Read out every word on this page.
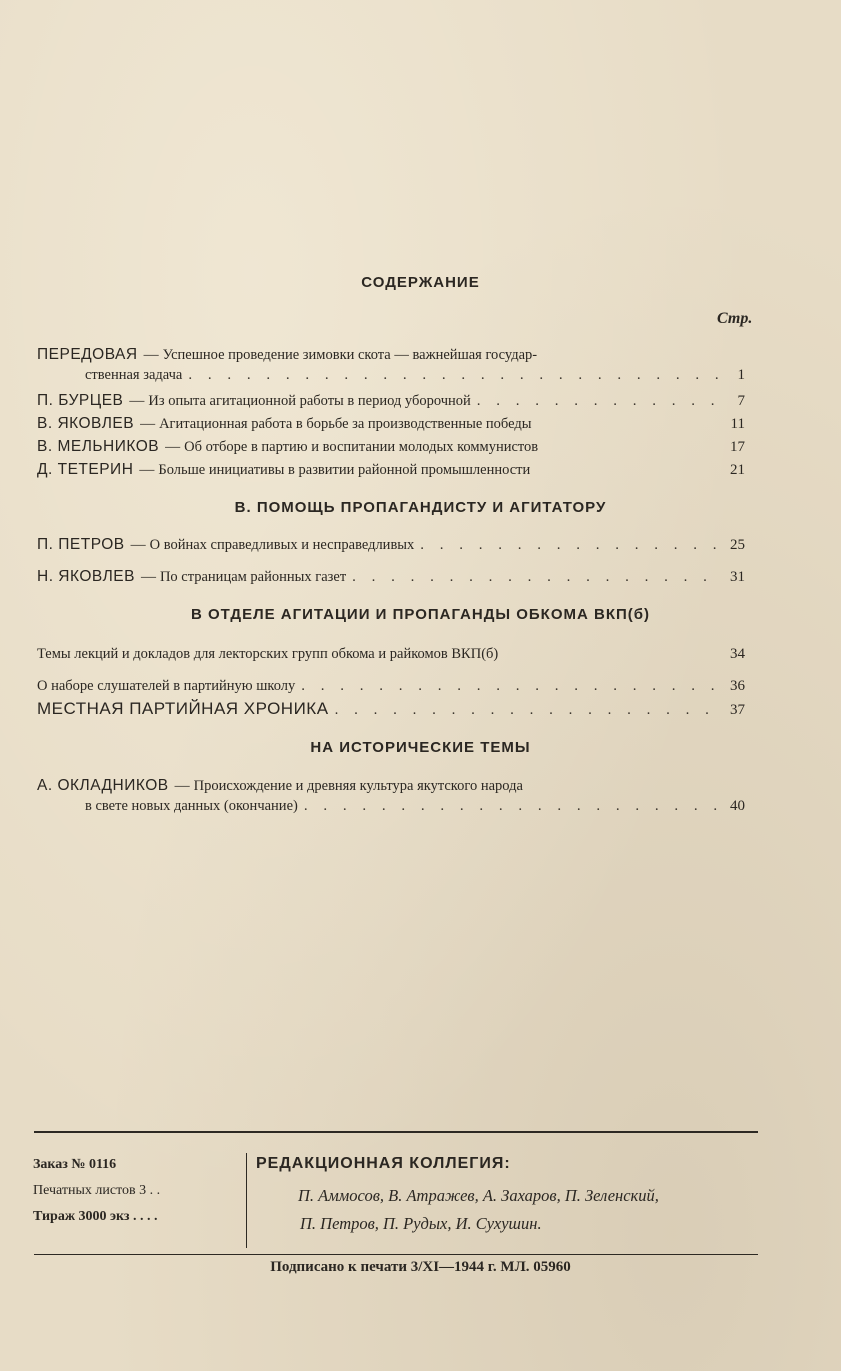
СОДЕРЖАНИЕ
Стр.
ПЕРЕДОВАЯ — Успешное проведение зимовки скота — важнейшая государ-
ственная задача . . .	1
П. БУРЦЕВ — Из опыта агитационной работы в период уборочной . . .	7
В. ЯКОВЛЕВ — Агитационная работа в борьбе за производственные победы	11
В. МЕЛЬНИКОВ — Об отборе в партию и воспитании молодых коммунистов	17
Д. ТЕТЕРИН — Больше инициативы в развитии районной промышленности	21
В. ПОМОЩЬ ПРОПАГАНДИСТУ И АГИТАТОРУ
П. ПЕТРОВ — О войнах справедливых и несправедливых . . .	25
Н. ЯКОВЛЕВ — По страницам районных газет . . .	31
В ОТДЕЛЕ АГИТАЦИИ И ПРОПАГАНДЫ ОБКОМА ВКП(б)
Темы лекций и докладов для лекторских групп обкома и райкомов ВКП(б)	34
О наборе слушателей в партийную школу . . .	36
МЕСТНАЯ ПАРТИЙНАЯ ХРОНИКА . . .	37
НА ИСТОРИЧЕСКИЕ ТЕМЫ
А. ОКЛАДНИКОВ — Происхождение и древняя культура якутского народа
в свете новых данных (окончание) . . .	40
Заказ № 0116
Печатных листов 3 . .
Тираж 3000 экз . . . .
РЕДАКЦИОННАЯ КОЛЛЕГИЯ:
П. Аммосов, В. Атражев, А. Захаров, П. Зеленский,
П. Петров, П. Рудых, И. Сухушин.
Подписано к печати 3/XI—1944 г. МЛ. 05960
